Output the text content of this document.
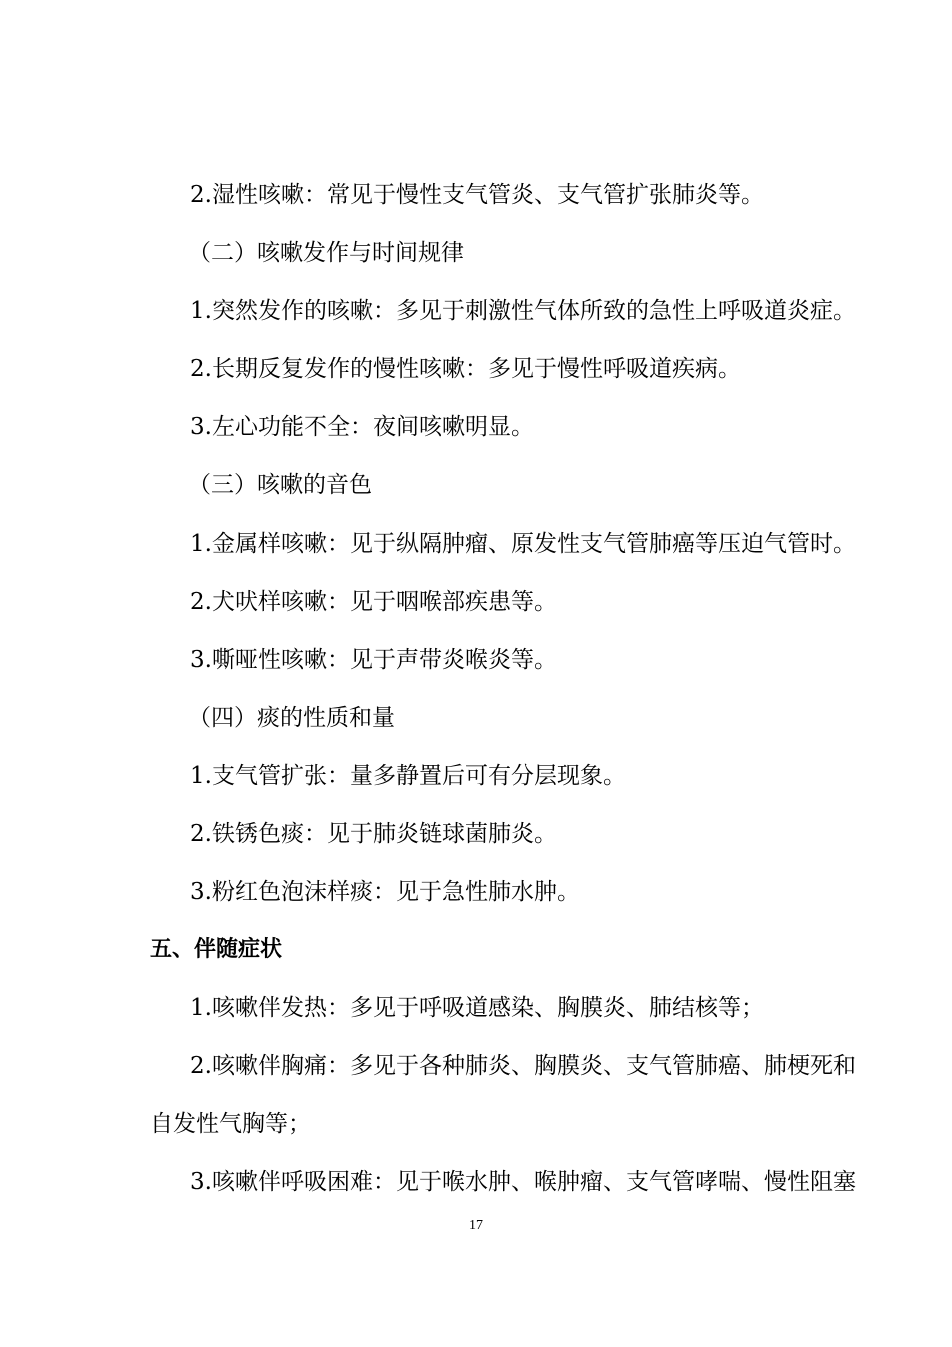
2.湿性咳嗽：常见于慢性支气管炎、支气管扩张肺炎等。
（二）咳嗽发作与时间规律
1.突然发作的咳嗽：多见于刺激性气体所致的急性上呼吸道炎症。
2.长期反复发作的慢性咳嗽：多见于慢性呼吸道疾病。
3.左心功能不全：夜间咳嗽明显。
（三）咳嗽的音色
1.金属样咳嗽：见于纵隔肿瘤、原发性支气管肺癌等压迫气管时。
2.犬吠样咳嗽：见于咽喉部疾患等。
3.嘶哑性咳嗽：见于声带炎喉炎等。
（四）痰的性质和量
1.支气管扩张：量多静置后可有分层现象。
2.铁锈色痰：见于肺炎链球菌肺炎。
3.粉红色泡沫样痰：见于急性肺水肿。
五、伴随症状
1.咳嗽伴发热：多见于呼吸道感染、胸膜炎、肺结核等；
2.咳嗽伴胸痛：多见于各种肺炎、胸膜炎、支气管肺癌、肺梗死和
自发性气胸等；
3.咳嗽伴呼吸困难：见于喉水肿、喉肿瘤、支气管哮喘、慢性阻塞
17
